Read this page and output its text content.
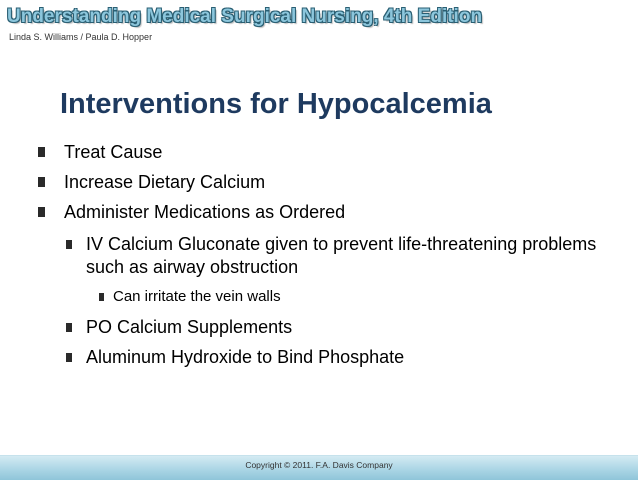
Understanding Medical Surgical Nursing, 4th Edition
Linda S. Williams / Paula D. Hopper
Interventions for Hypocalcemia
Treat Cause
Increase Dietary Calcium
Administer Medications as Ordered
IV Calcium Gluconate given to prevent life-threatening problems such as airway obstruction
Can irritate the vein walls
PO Calcium Supplements
Aluminum Hydroxide to Bind Phosphate
Copyright © 2011. F.A. Davis Company
